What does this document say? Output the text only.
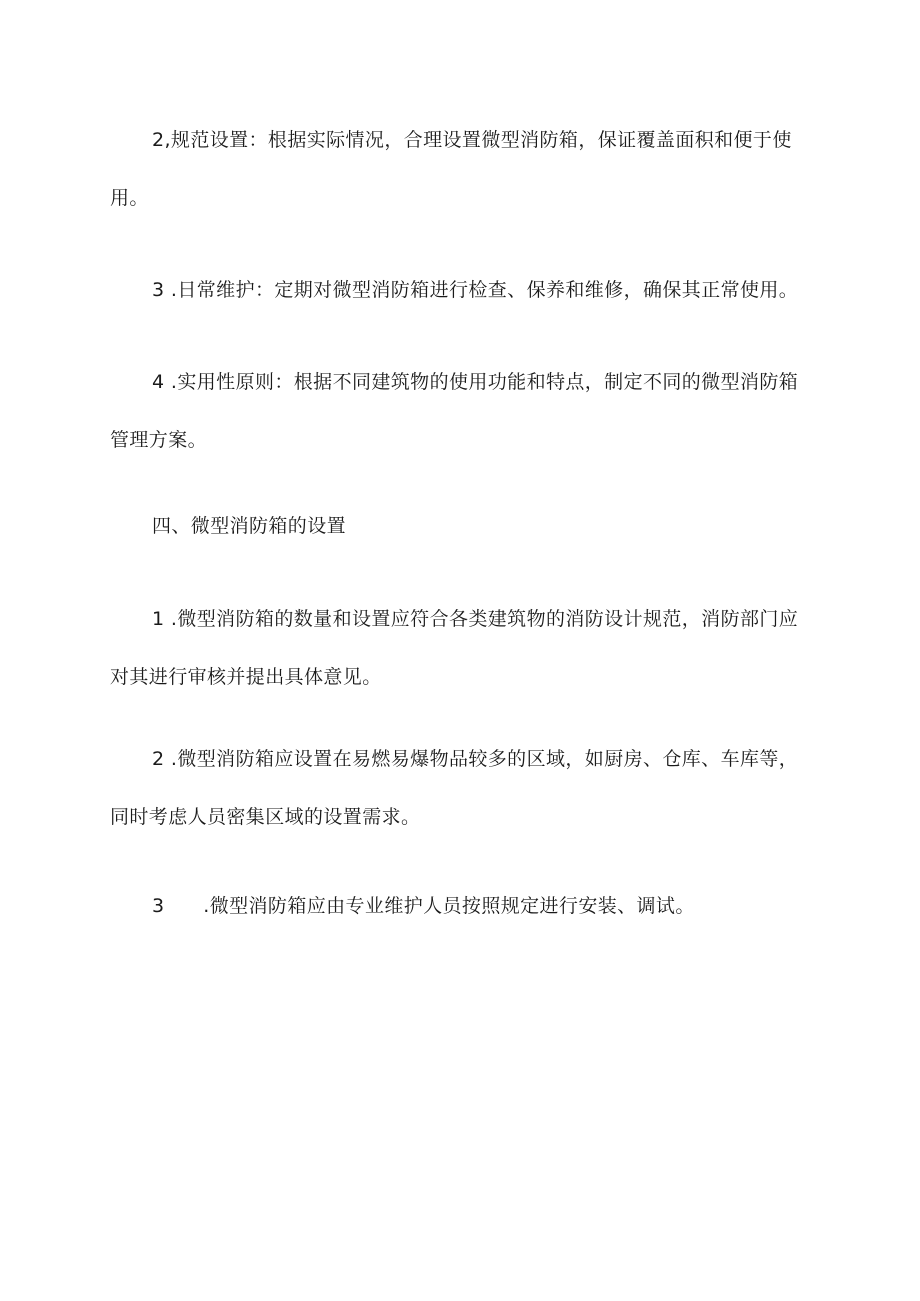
2,规范设置：根据实际情况，合理设置微型消防箱，保证覆盖面积和便于使用。

3 .日常维护：定期对微型消防箱进行检查、保养和维修，确保其正常使用。

4 .实用性原则：根据不同建筑物的使用功能和特点，制定不同的微型消防箱管理方案。

四、微型消防箱的设置

1 .微型消防箱的数量和设置应符合各类建筑物的消防设计规范，消防部门应对其进行审核并提出具体意见。

2 .微型消防箱应设置在易燃易爆物品较多的区域，如厨房、仓库、车库等，同时考虑人员密集区域的设置需求。

3　　.微型消防箱应由专业维护人员按照规定进行安装、调试。
